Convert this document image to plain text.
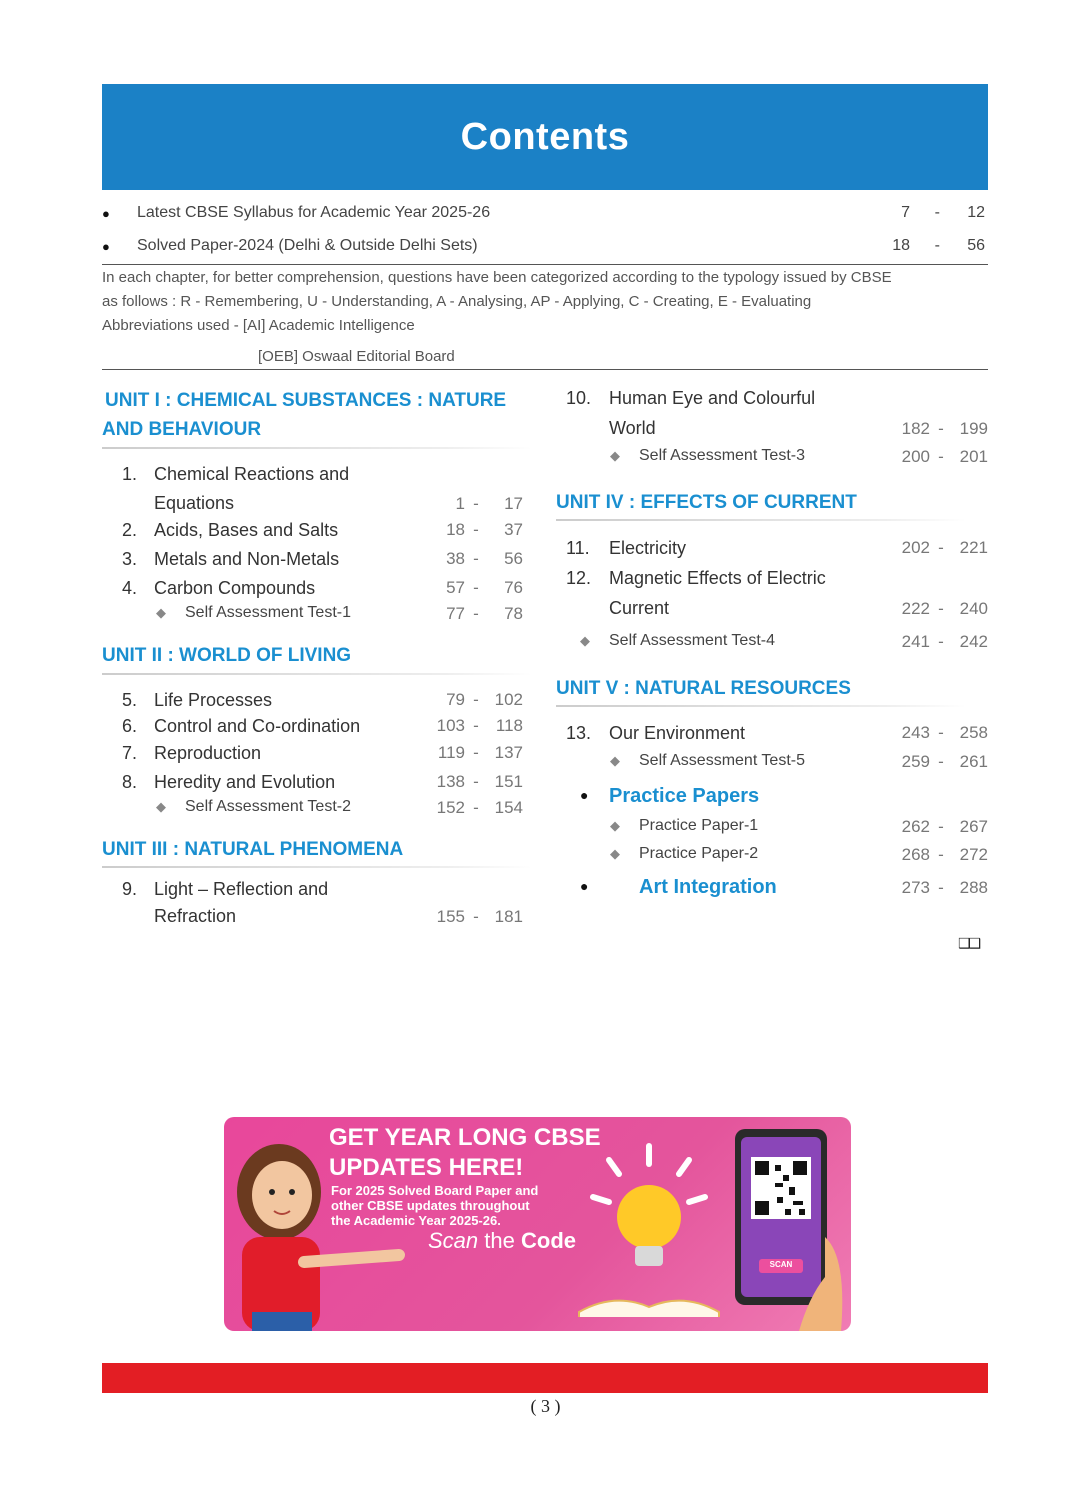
Contents
● Latest CBSE Syllabus for Academic Year 2025-26	7 -	12
● Solved Paper-2024 (Delhi & Outside Delhi Sets)	18 -	56
In each chapter, for better comprehension, questions have been categorized according to the typology issued by CBSE
as follows : R - Remembering, U - Understanding, A - Analysing, AP - Applying, C - Creating, E - Evaluating
Abbreviations used - [AI] Academic Intelligence
[OEB] Oswaal Editorial Board
UNIT I : CHEMICAL SUBSTANCES : NATURE
AND BEHAVIOUR
1. Chemical Reactions and
Equations	1 - 17
2. Acids, Bases and Salts	18 - 37
3. Metals and Non-Metals	38 - 56
4. Carbon Compounds	57 - 76
◆ Self Assessment Test-1	77 - 78
UNIT II : WORLD OF LIVING
5. Life Processes	79 - 102
6. Control and Co-ordination	103 - 118
7. Reproduction	119 - 137
8. Heredity and Evolution	138 - 151
◆ Self Assessment Test-2	152 - 154
UNIT III : NATURAL PHENOMENA
9. Light – Reflection and
Refraction	155 - 181
10. Human Eye and Colourful
World	182 - 199
◆ Self Assessment Test-3	200 - 201
UNIT IV : EFFECTS OF CURRENT
11. Electricity	202 - 221
12. Magnetic Effects of Electric
Current	222 - 240
◆ Self Assessment Test-4	241 - 242
UNIT V : NATURAL RESOURCES
13. Our Environment	243 - 258
◆ Self Assessment Test-5	259 - 261
● Practice Papers
◆ Practice Paper-1	262 - 267
◆ Practice Paper-2	268 - 272
●	Art Integration	273 - 288
❑❑
GET YEAR LONG CBSE
UPDATES HERE!
For 2025 Solved Board Paper and
other CBSE updates throughout
the Academic Year 2025-26.
Scan the Code
SCAN
( 3 )
